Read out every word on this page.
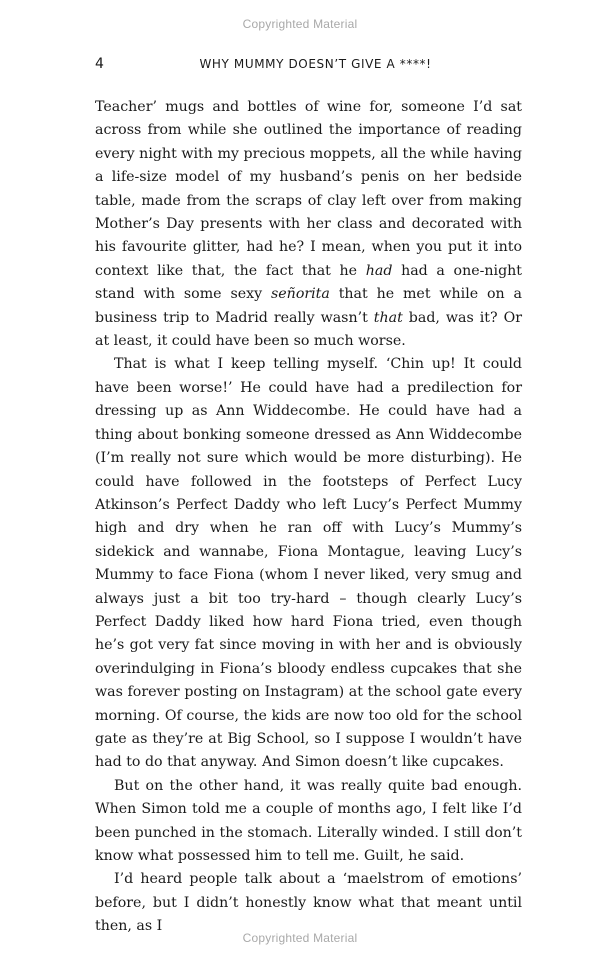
Copyrighted Material
4	WHY MUMMY DOESN’T GIVE A ****!

Teacher’ mugs and bottles of wine for, someone I’d sat across from while she outlined the importance of reading every night with my precious moppets, all the while having a life-size model of my husband’s penis on her bedside table, made from the scraps of clay left over from making Mother’s Day presents with her class and decorated with his favourite glitter, had he? I mean, when you put it into context like that, the fact that he had had a one-night stand with some sexy señorita that he met while on a business trip to Madrid really wasn’t that bad, was it? Or at least, it could have been so much worse.

That is what I keep telling myself. ‘Chin up! It could have been worse!’ He could have had a predilection for dressing up as Ann Widdecombe. He could have had a thing about bonking someone dressed as Ann Widdecombe (I’m really not sure which would be more disturbing). He could have followed in the footsteps of Perfect Lucy Atkinson’s Perfect Daddy who left Lucy’s Perfect Mummy high and dry when he ran off with Lucy’s Mummy’s sidekick and wannabe, Fiona Montague, leaving Lucy’s Mummy to face Fiona (whom I never liked, very smug and always just a bit too try-hard – though clearly Lucy’s Perfect Daddy liked how hard Fiona tried, even though he’s got very fat since moving in with her and is obviously overindulging in Fiona’s bloody endless cupcakes that she was forever posting on Instagram) at the school gate every morning. Of course, the kids are now too old for the school gate as they’re at Big School, so I suppose I wouldn’t have had to do that anyway. And Simon doesn’t like cupcakes.

But on the other hand, it was really quite bad enough. When Simon told me a couple of months ago, I felt like I’d been punched in the stomach. Literally winded. I still don’t know what possessed him to tell me. Guilt, he said.

I’d heard people talk about a ‘maelstrom of emotions’ before, but I didn’t honestly know what that meant until then, as I

Copyrighted Material
